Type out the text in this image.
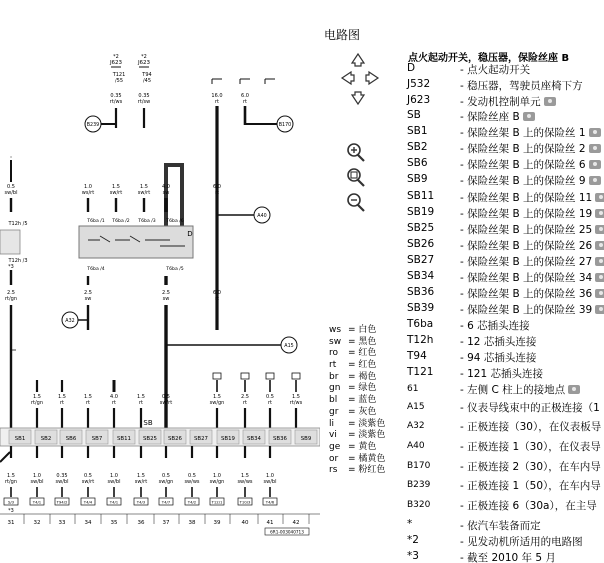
电路图
*2
J623
T121
/55
0.35
rt/ws
*2
J623
T94
/45
0.35
rt/sw
16.0
rt
6.0
rt
B239	B170
0.5
sw/bl
1.0
ws/rt
1.5
sw/rt
1.5
sw/rt
4.0
sw
6.0
rt
·
A40
T12h /5
T12h /3
*3
D
T6ba /1 T6ba /2 T6ba /3 T6ba /6
T6ba /4	T6ba /5
2.5
rt/gn
2.5
sw
2.5
sw
6.0
rt
A32
A15
1.5
rt/gn
1.5
rt
1.5
rt
4.0
rt
1.5
rt
0.5
sw/rt
1.5
sw/gn
2.5
rt
0.5
rt
1.5
rt/ws
SB
SB1	SB2	SB6	SB7	SB11 SB25 SB26 SB27 SB19 SB34 SB36	SB9
1.5
rt/gn
S/3
1.0
sw/bl
T4/1
0.35
sw/bl
T94/2
0.5
sw/rt
T4/4
1.0
sw/bl
T4/1
1.5
sw/rt
T4/3
0.5
sw/gn
T4/7
0.5
sw/ws
T4/2
1.0
sw/gn
T12/1
1.5
sw/ws
T10/3
1.0
sw/bl
T4/6
*3
31	32	33	34	35	36	37	38	39	40	41	42
6R1-003040713
点火起动开关，稳压器，保险丝座 B
D	- 点火起动开关
J532	- 稳压器，驾驶员座椅下方
J623	- 发动机控制单元
SB	- 保险丝座 B
SB1	- 保险丝架 B 上的保险丝 1
SB2	- 保险丝架 B 上的保险丝 2
SB6	- 保险丝架 B 上的保险丝 6
SB9	- 保险丝架 B 上的保险丝 9
SB11 - 保险丝架 B 上的保险丝 11
SB19 - 保险丝架 B 上的保险丝 19
SB25 - 保险丝架 B 上的保险丝 25
SB26 - 保险丝架 B 上的保险丝 26
SB27 - 保险丝架 B 上的保险丝 27
SB34 - 保险丝架 B 上的保险丝 34
SB36 - 保险丝架 B 上的保险丝 36
SB39 - 保险丝架 B 上的保险丝 39
T6ba	- 6 芯插头连接
T12h	- 12 芯插头连接
T94	- 94 芯插头连接
T121	- 121 芯插头连接
61	- 左侧 C 柱上的接地点
A15	- 仪表导线束中的正极连接（1
A32	- 正极连接（30），在仪表板导
A40	- 正极连接 1（30），在仪表导
B170	- 正极连接 2（30），在车内导
B239	- 正极连接 1（50），在车内导
B320	- 正极连接 6（30a），在主导
*	- 依汽车装备而定
*2	- 见发动机所适用的电路图
*3	- 截至 2010 年 5 月
ws = 白色
sw = 黑色
ro = 红色
rt = 红色
br = 褐色
gn = 绿色
bl = 蓝色
gr = 灰色
li = 淡紫色
vi = 淡紫色
ge = 黄色
or = 橘黄色
rs = 粉红色
